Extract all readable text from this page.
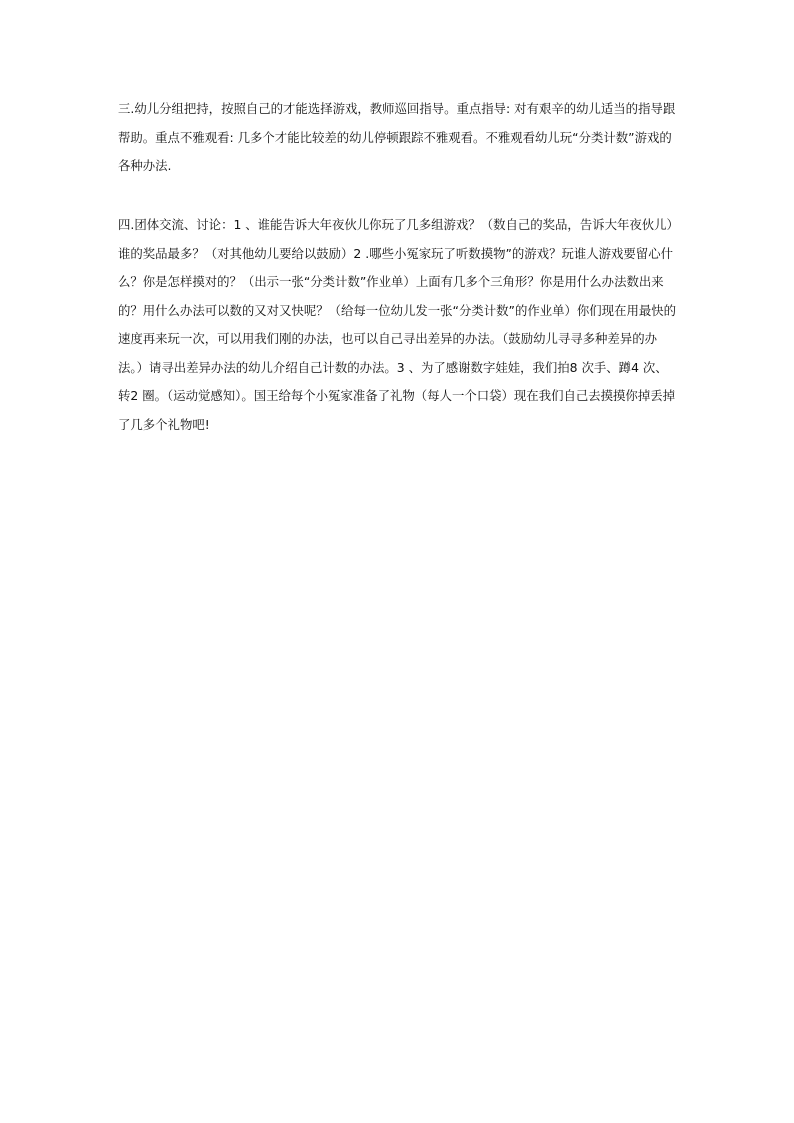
三.幼儿分组把持，按照自己的才能选择游戏，教师巡回指导。重点指导: 对有艰辛的幼儿适当的指导跟帮助。重点不雅观看: 几多个才能比较差的幼儿停顿跟踪不雅观看。不雅观看幼儿玩“分类计数”游戏的各种办法.

四.团体交流、讨论：1 、谁能告诉大年夜伙儿你玩了几多组游戏？（数自己的奖品，告诉大年夜伙儿）谁的奖品最多？（对其他幼儿要给以鼓励）2 .哪些小冤家玩了听数摸物”的游戏？玩谁人游戏要留心什么？你是怎样摸对的？（出示一张“分类计数”作业单）上面有几多个三角形？你是用什么办法数出来的？用什么办法可以数的又对又快呢？（给每一位幼儿发一张“分类计数”的作业单）你们现在用最快的速度再来玩一次，可以用我们刚的办法，也可以自己寻出差异的办法。（鼓励幼儿寻寻多种差异的办法。）请寻出差异办法的幼儿介绍自己计数的办法。3 、为了感谢数字娃娃，我们拍8 次手、蹲4 次、转2 圈。（运动觉感知）。国王给每个小冤家准备了礼物（每人一个口袋）现在我们自己去摸摸你掉丢掉了几多个礼物吧!
